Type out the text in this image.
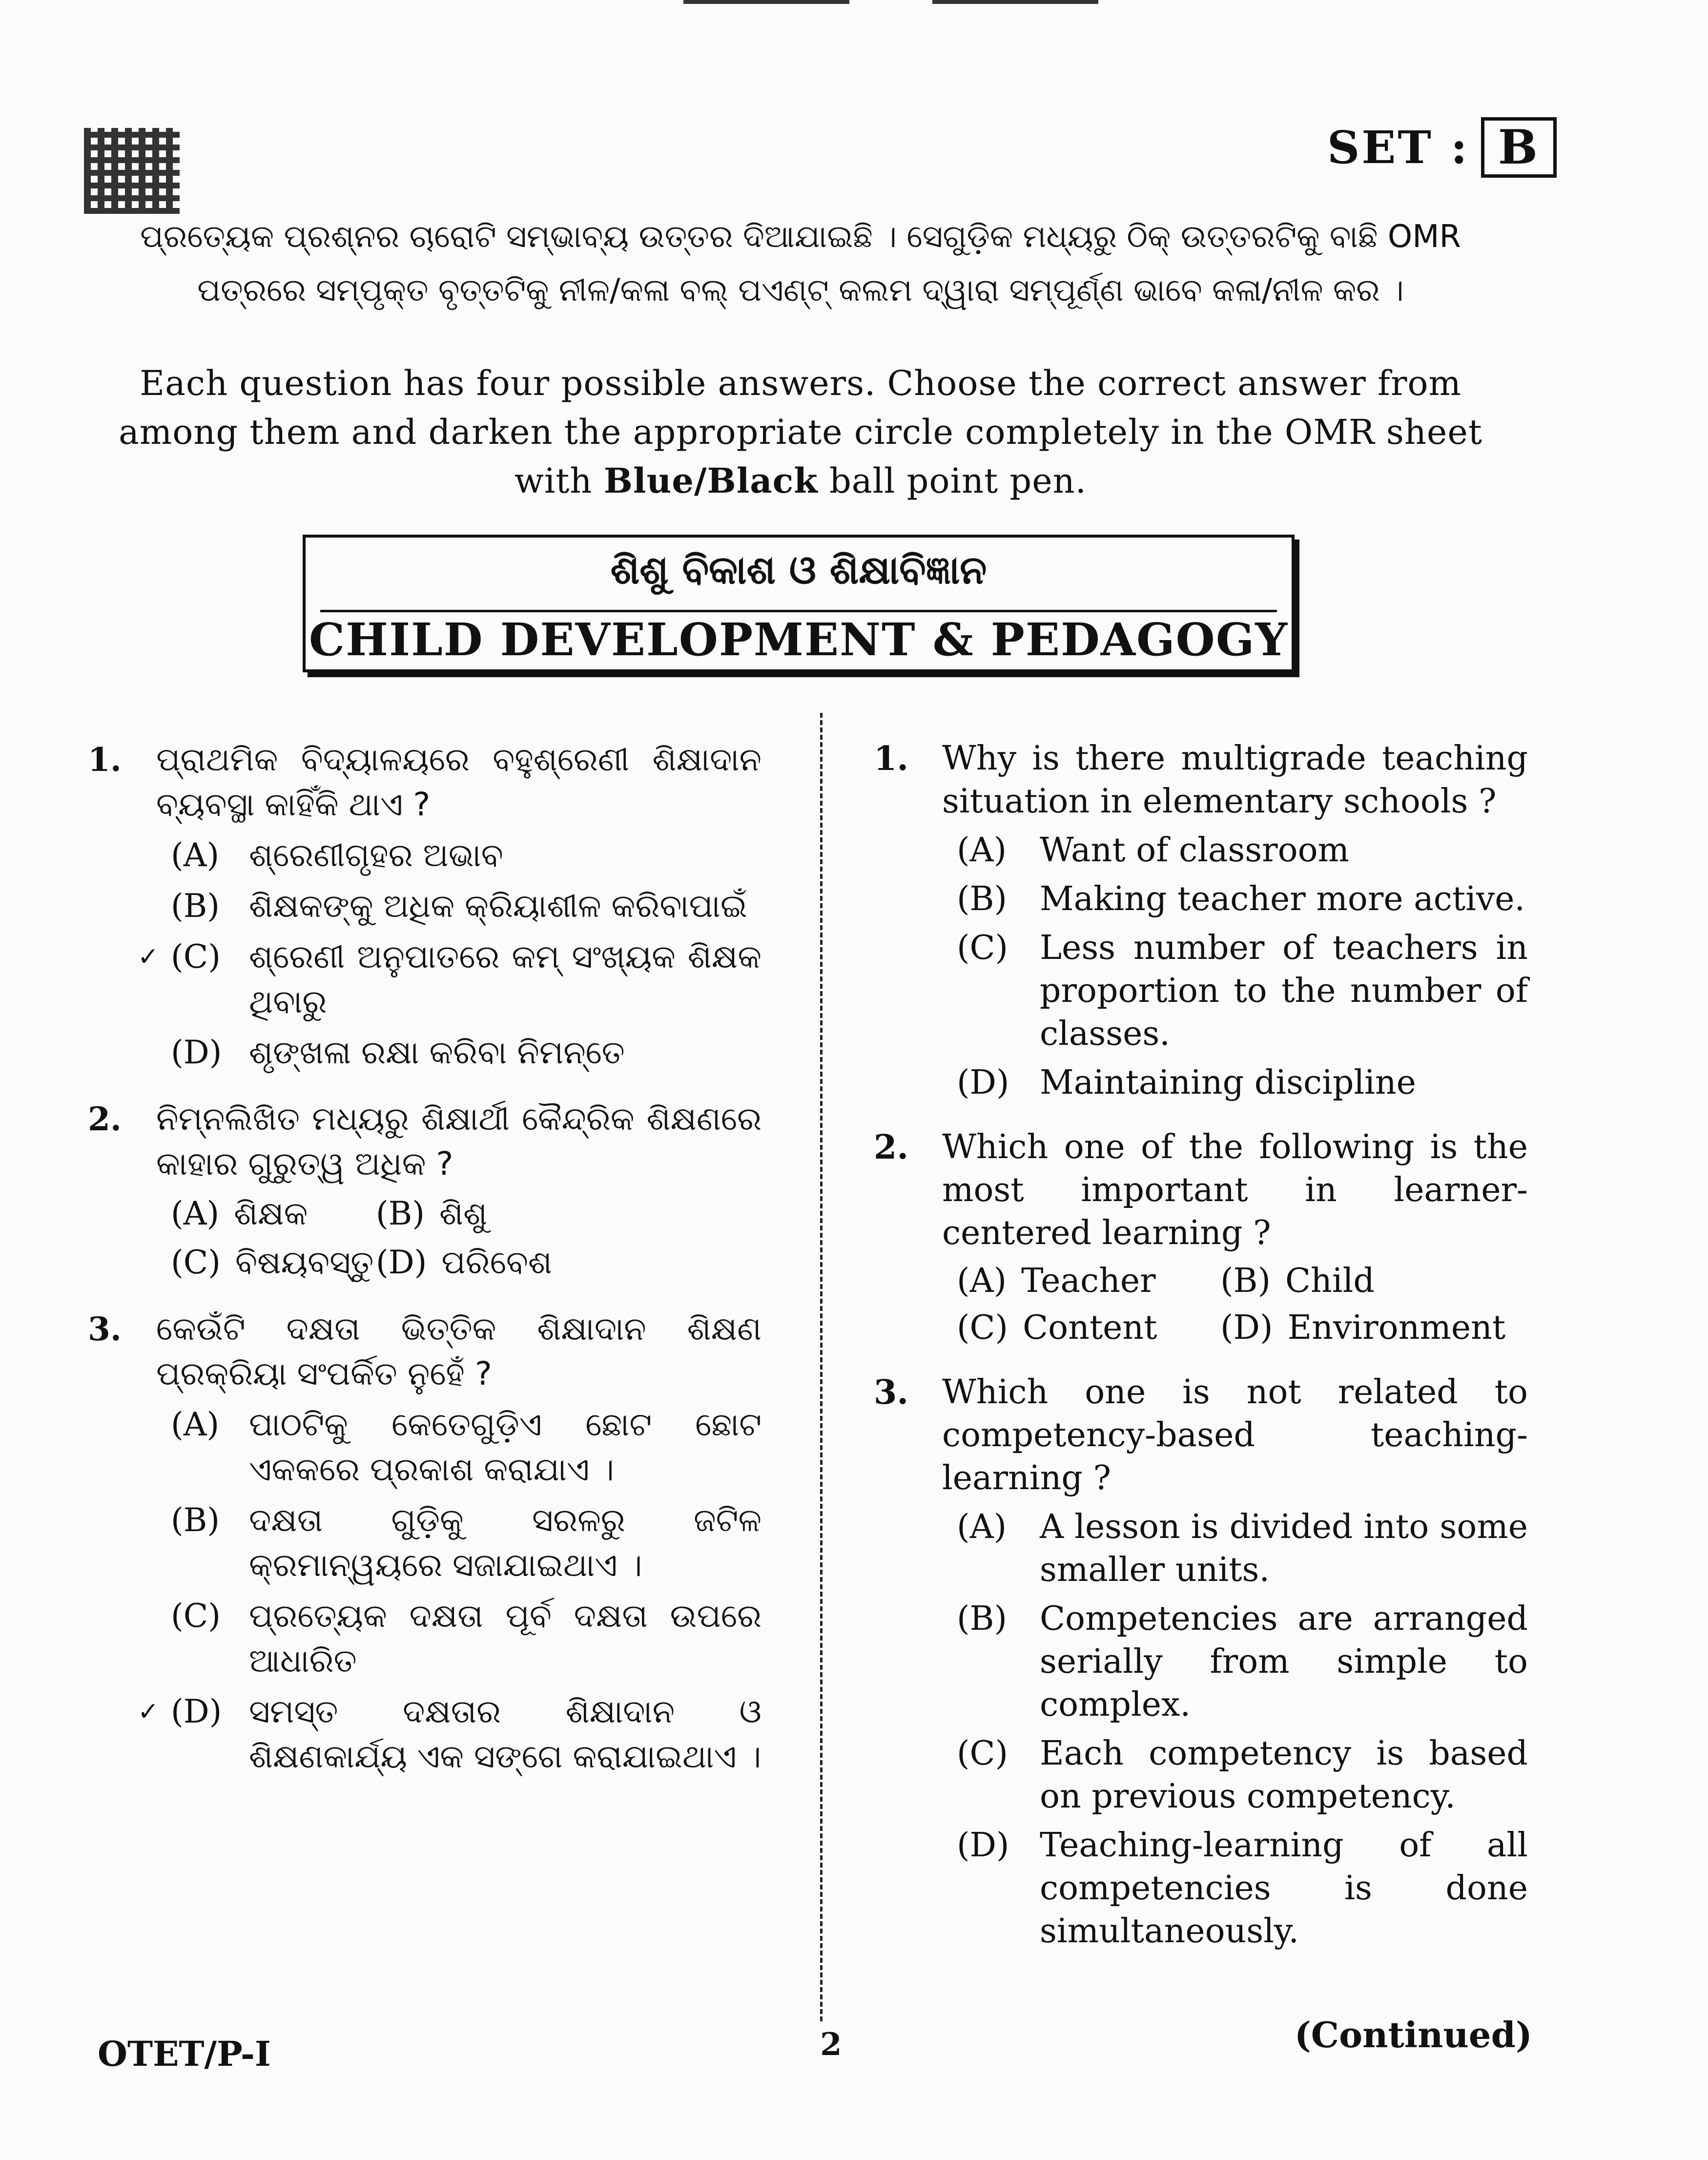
SET : B
ପ୍ରତ୍ୟେକ ପ୍ରଶ୍ନର ଚାରୋଟି ସମ୍ଭାବ୍ୟ ଉତ୍ତର ଦିଆଯାଇଛି । ସେଗୁଡ଼ିକ ମଧ୍ୟରୁ ଠିକ୍ ଉତ୍ତରଟିକୁ ବାଛି OMR ପତ୍ରରେ ସମ୍ପୃକ୍ତ ବୃତ୍ତଟିକୁ ନୀଳ/କଳା ବଲ୍ ପଏଣ୍ଟ୍ କଲମ ଦ୍ୱାରା ସମ୍ପୂର୍ଣ୍ଣ ଭାବେ କଳା/ନୀଳ କର ।
Each question has four possible answers. Choose the correct answer from among them and darken the appropriate circle completely in the OMR sheet with Blue/Black ball point pen.
ଶିଶୁ ବିକାଶ ଓ ଶିକ୍ଷାବିଜ୍ଞାନ
CHILD DEVELOPMENT & PEDAGOGY
1. ପ୍ରାଥମିକ ବିଦ୍ୟାଳୟରେ ବହୁଶ୍ରେଣୀ ଶିକ୍ଷାଦାନ ବ୍ୟବସ୍ଥା କାହିଁକି ଥାଏ ?
(A) ଶ୍ରେଣୀଗୃହର ଅଭାବ
(B) ଶିକ୍ଷକଙ୍କୁ ଅଧିକ କ୍ରିୟାଶୀଳ କରିବାପାଇଁ
✓ (C) ଶ୍ରେଣୀ ଅନୁପାତରେ କମ୍ ସଂଖ୍ୟକ ଶିକ୍ଷକ ଥିବାରୁ
(D) ଶୃଙ୍ଖଳା ରକ୍ଷା କରିବା ନିମନ୍ତେ
2. ନିମ୍ନଲିଖିତ ମଧ୍ୟରୁ ଶିକ୍ଷାର୍ଥୀ କୈନ୍ଦ୍ରିକ ଶିକ୍ଷଣରେ କାହାର ଗୁରୁତ୍ୱ ଅଧିକ ?
(A) ଶିକ୍ଷକ	(B) ଶିଶୁ
(C) ବିଷୟବସ୍ତୁ (D) ପରିବେଶ
3. କେଉଁଟି ଦକ୍ଷତା ଭିତ୍ତିକ ଶିକ୍ଷାଦାନ ଶିକ୍ଷଣ ପ୍ରକ୍ରିୟା ସଂପର୍କିତ ନୁହେଁ ?
(A) ପାଠଟିକୁ କେତେଗୁଡ଼ିଏ ଛୋଟ ଛୋଟ ଏକକରେ ପ୍ରକାଶ କରାଯାଏ ।
(B) ଦକ୍ଷତା ଗୁଡ଼ିକୁ ସରଳରୁ ଜଟିଳ କ୍ରମାନ୍ୱୟରେ ସଜାଯାଇଥାଏ ।
(C) ପ୍ରତ୍ୟେକ ଦକ୍ଷତା ପୂର୍ବ ଦକ୍ଷତା ଉପରେ ଆଧାରିତ
✓ (D) ସମସ୍ତ ଦକ୍ଷତାର ଶିକ୍ଷାଦାନ ଓ ଶିକ୍ଷଣକାର୍ଯ୍ୟ ଏକ ସଙ୍ଗେ କରାଯାଇଥାଏ ।
1. Why is there multigrade teaching situation in elementary schools ?
(A) Want of classroom
(B) Making teacher more active.
(C) Less number of teachers in proportion to the number of classes.
(D) Maintaining discipline
2. Which one of the following is the most important in learner-centered learning ?
(A) Teacher	(B) Child
(C) Content	(D) Environment
3. Which one is not related to competency-based teaching-learning ?
(A) A lesson is divided into some smaller units.
(B) Competencies are arranged serially from simple to complex.
(C) Each competency is based on previous competency.
(D) Teaching-learning of all competencies is done simultaneously.
OTET/P-I	2	(Continued)
